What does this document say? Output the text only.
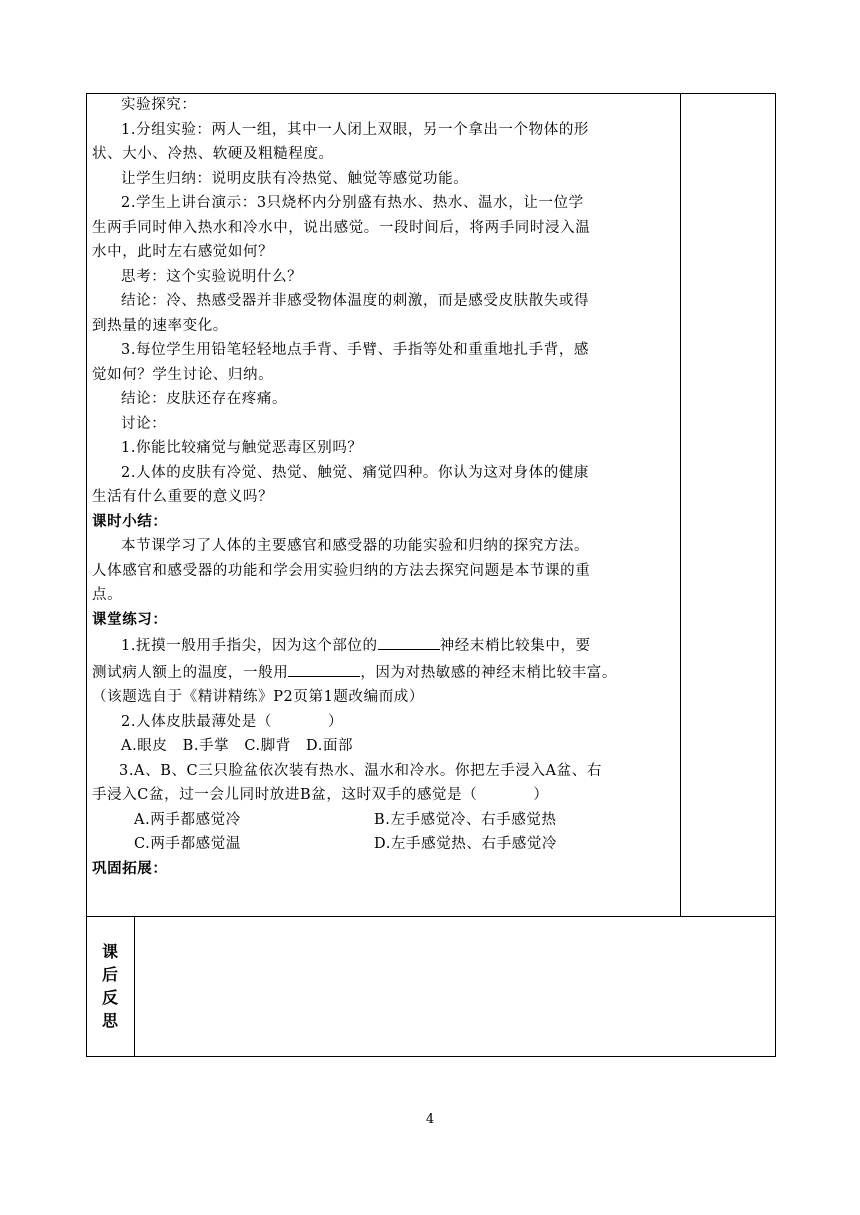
实验探究：

1.分组实验：两人一组，其中一人闭上双眼，另一个拿出一个物体的形

状、大小、冷热、软硬及粗糙程度。

让学生归纳：说明皮肤有冷热觉、触觉等感觉功能。

2.学生上讲台演示：3只烧杯内分别盛有热水、热水、温水，让一位学

生两手同时伸入热水和冷水中，说出感觉。一段时间后，将两手同时浸入温

水中，此时左右感觉如何？

思考：这个实验说明什么？

结论：冷、热感受器并非感受物体温度的刺激，而是感受皮肤散失或得

到热量的速率变化。

3.每位学生用铅笔轻轻地点手背、手臂、手指等处和重重地扎手背，感

觉如何？学生讨论、归纳。

结论：皮肤还存在疼痛。

讨论：

1.你能比较痛觉与触觉恶毒区别吗？

2.人体的皮肤有冷觉、热觉、触觉、痛觉四种。你认为这对身体的健康

生活有什么重要的意义吗？

课时小结：

本节课学习了人体的主要感官和感受器的功能实验和归纳的探究方法。

人体感官和感受器的功能和学会用实验归纳的方法去探究问题是本节课的重

点。

课堂练习：

1.抚摸一般用手指尖，因为这个部位的	神经末梢比较集中，要

测试病人额上的温度，一般用	，因为对热敏感的神经末梢比较丰富。

（该题选自于《精讲精练》P2页第1题改编而成）

2.人体皮肤最薄处是（	）

A.眼皮　B.手掌　C.脚背　D.面部

3.A、B、C三只脸盆依次装有热水、温水和冷水。你把左手浸入A盆、右

手浸入C盆，过一会儿同时放进B盆，这时双手的感觉是（	）

A.两手都感觉冷	B.左手感觉冷、右手感觉热
C.两手都感觉温	D.左手感觉热、右手感觉冷

巩固拓展：

课
后
反
思
4
